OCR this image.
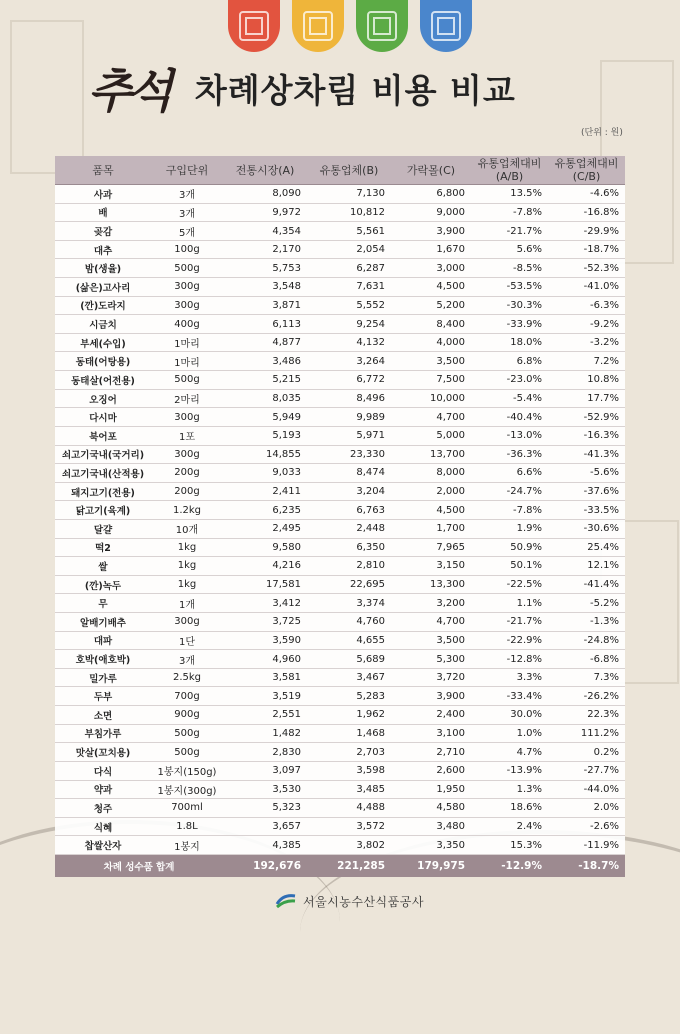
추석 차례상차림 비용 비교
(단위 : 원)
품목	구입단위	전통시장(A)	유통업체(B)	가락몰(C)	유통업체대비 (A/B)	유통업체대비 (C/B)
사과	3개	8,090	7,130	6,800	13.5%	-4.6%
배	3개	9,972	10,812	9,000	-7.8%	-16.8%
곶감	5개	4,354	5,561	3,900	-21.7%	-29.9%
대추	100g	2,170	2,054	1,670	5.6%	-18.7%
밤(생율)	500g	5,753	6,287	3,000	-8.5%	-52.3%
(삶은)고사리	300g	3,548	7,631	4,500	-53.5%	-41.0%
(깐)도라지	300g	3,871	5,552	5,200	-30.3%	-6.3%
시금치	400g	6,113	9,254	8,400	-33.9%	-9.2%
부세(수입)	1마리	4,877	4,132	4,000	18.0%	-3.2%
동태(어탕용)	1마리	3,486	3,264	3,500	6.8%	7.2%
동태살(어전용)	500g	5,215	6,772	7,500	-23.0%	10.8%
오징어	2마리	8,035	8,496	10,000	-5.4%	17.7%
다시마	300g	5,949	9,989	4,700	-40.4%	-52.9%
북어포	1포	5,193	5,971	5,000	-13.0%	-16.3%
쇠고기국내(국거리)	300g	14,855	23,330	13,700	-36.3%	-41.3%
쇠고기국내(산적용)	200g	9,033	8,474	8,000	6.6%	-5.6%
돼지고기(전용)	200g	2,411	3,204	2,000	-24.7%	-37.6%
닭고기(육계)	1.2kg	6,235	6,763	4,500	-7.8%	-33.5%
달걀	10개	2,495	2,448	1,700	1.9%	-30.6%
떡2	1kg	9,580	6,350	7,965	50.9%	25.4%
쌀	1kg	4,216	2,810	3,150	50.1%	12.1%
(깐)녹두	1kg	17,581	22,695	13,300	-22.5%	-41.4%
무	1개	3,412	3,374	3,200	1.1%	-5.2%
알배기배추	300g	3,725	4,760	4,700	-21.7%	-1.3%
대파	1단	3,590	4,655	3,500	-22.9%	-24.8%
호박(애호박)	3개	4,960	5,689	5,300	-12.8%	-6.8%
밀가루	2.5kg	3,581	3,467	3,720	3.3%	7.3%
두부	700g	3,519	5,283	3,900	-33.4%	-26.2%
소면	900g	2,551	1,962	2,400	30.0%	22.3%
부침가루	500g	1,482	1,468	3,100	1.0%	111.2%
맛살(꼬치용)	500g	2,830	2,703	2,710	4.7%	0.2%
다식	1봉지(150g)	3,097	3,598	2,600	-13.9%	-27.7%
약과	1봉지(300g)	3,530	3,485	1,950	1.3%	-44.0%
청주	700ml	5,323	4,488	4,580	18.6%	2.0%
식혜	1.8L	3,657	3,572	3,480	2.4%	-2.6%
찹쌀산자	1봉지	4,385	3,802	3,350	15.3%	-11.9%
차례 성수품 합계		192,676	221,285	179,975	-12.9%	-18.7%
서울시농수산식품공사
